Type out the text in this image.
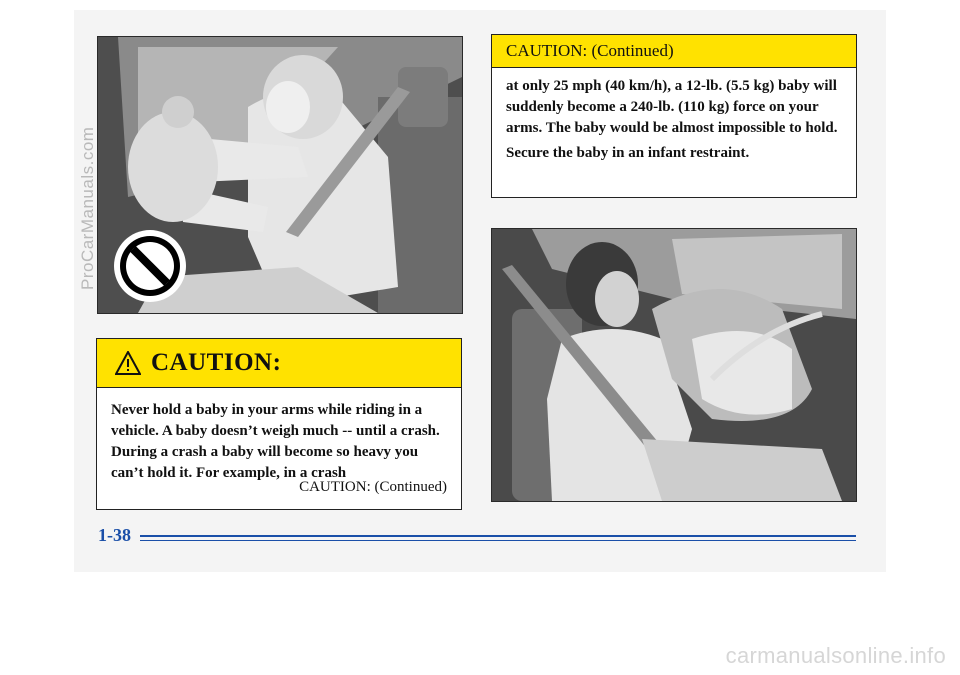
CAUTION:
Never hold a baby in your arms while riding in a vehicle. A baby doesn’t weigh much -- until a crash. During a crash a baby will become so heavy you can’t hold it. For example, in a crash
CAUTION: (Continued)
CAUTION: (Continued)

at only 25 mph (40 km/h), a 12-lb. (5.5 kg) baby will suddenly become a 240-lb. (110 kg) force on your arms. The baby would be almost impossible to hold.

Secure the baby in an infant restraint.

1-38
ProCarManuals.com
carmanualsonline.info
